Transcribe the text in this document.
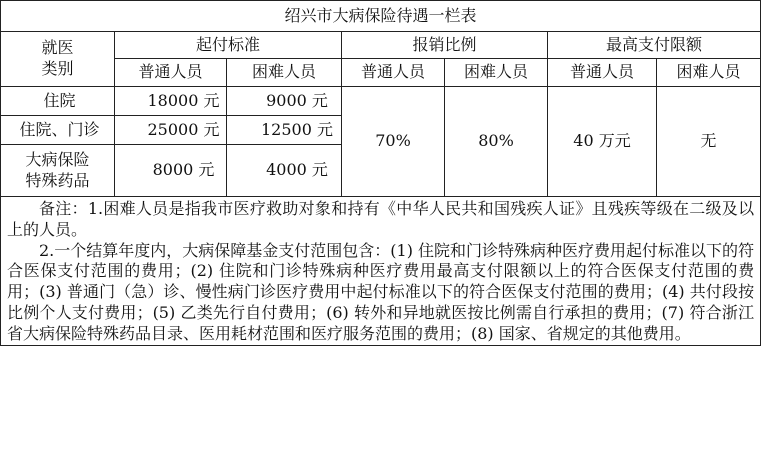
绍兴市大病保险待遇一栏表						

就医
类别	起付标准		报销比例		最高支付限额	
	普通人员	困难人员	普通人员	困难人员	普通人员	困难人员
住院	18000 元	9000 元	70%	80%	40 万元	无
住院、门诊	25000 元	12500 元				

大病保险
特殊药品	8000 元	4000 元				

备注：1.困难人员是指我市医疗救助对象和持有《中华人民共和国残疾人证》且残疾等级在二级及以上的人员。

2.一个结算年度内，大病保障基金支付范围包含：(1) 住院和门诊特殊病种医疗费用起付标准以下的符合医保支付范围的费用；(2) 住院和门诊特殊病种医疗费用最高支付限额以上的符合医保支付范围的费用；(3) 普通门（急）诊、慢性病门诊医疗费用中起付标准以下的符合医保支付范围的费用；(4) 共付段按比例个人支付费用；(5) 乙类先行自付费用；(6) 转外和异地就医按比例需自行承担的费用；(7) 符合浙江省大病保险特殊药品目录、医用耗材范围和医疗服务范围的费用；(8) 国家、省规定的其他费用。						
